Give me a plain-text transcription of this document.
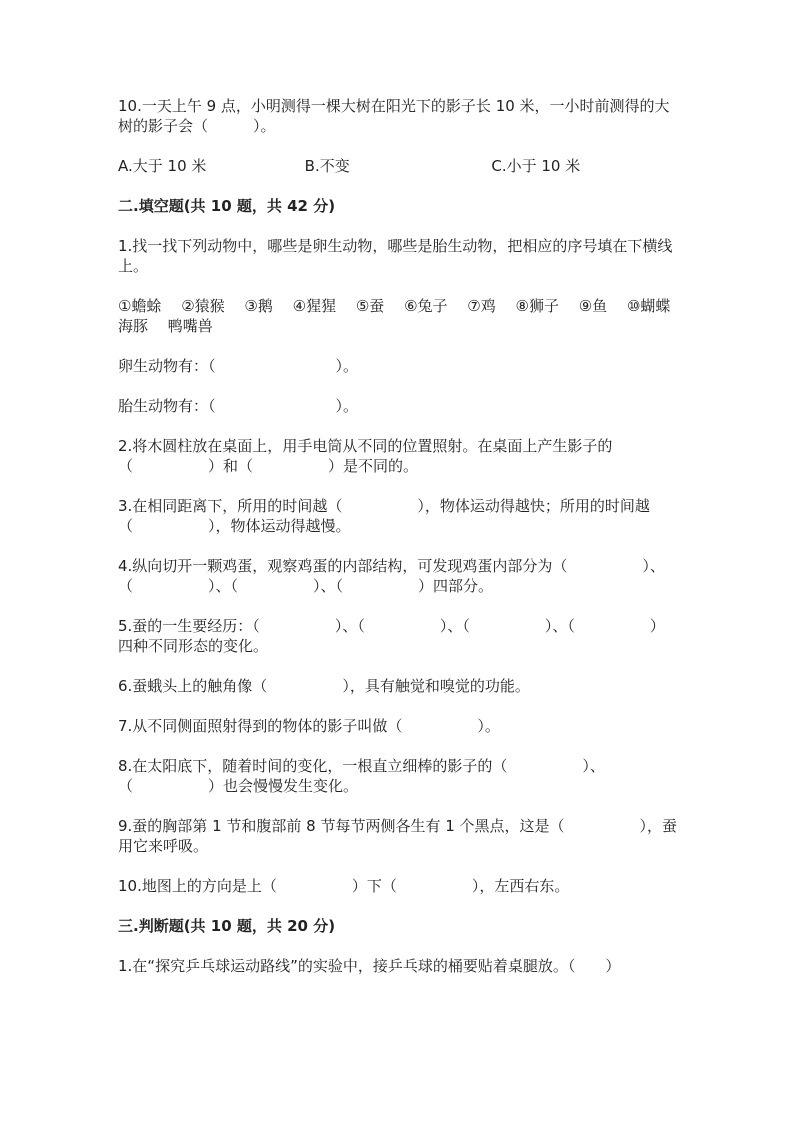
10.一天上午 9 点，小明测得一棵大树在阳光下的影子长 10 米，一小时前测得的大树的影子会（　　　）。

A.大于 10 米	B.不变	C.小于 10 米

二.填空题(共 10 题，共 42 分)

1.找一找下列动物中，哪些是卵生动物，哪些是胎生动物，把相应的序号填在下横线上。

①蟾蜍　 ②猿猴　 ③鹅　 ④猩猩　 ⑤蚕　 ⑥兔子　 ⑦鸡　 ⑧狮子　 ⑨鱼　 ⑩蝴蝶　 海豚　 鸭嘴兽

卵生动物有：（　　　　　　　　）。

胎生动物有：（　　　　　　　　）。

2.将木圆柱放在桌面上，用手电筒从不同的位置照射。在桌面上产生影子的（　　　　　）和（　　　　　）是不同的。

3.在相同距离下，所用的时间越（　　　　　），物体运动得越快；所用的时间越（　　　　　），物体运动得越慢。

4.纵向切开一颗鸡蛋，观察鸡蛋的内部结构，可发现鸡蛋内部分为（　　　　　）、（　　　　　）、（　　　　　）、（　　　　　）四部分。

5.蚕的一生要经历：（　　　　　）、（　　　　　）、（　　　　　）、（　　　　　）四种不同形态的变化。

6.蚕蛾头上的触角像（　　　　　），具有触觉和嗅觉的功能。

7.从不同侧面照射得到的物体的影子叫做（　　　　　）。

8.在太阳底下，随着时间的变化，一根直立细棒的影子的（　　　　　）、（　　　　　）也会慢慢发生变化。

9.蚕的胸部第 1 节和腹部前 8 节每节两侧各生有 1 个黑点，这是（　　　　　），蚕用它来呼吸。

10.地图上的方向是上（　　　　　）下（　　　　　），左西右东。

三.判断题(共 10 题，共 20 分)

1.在“探究乒乓球运动路线”的实验中，接乒乓球的桶要贴着桌腿放。（　　）
